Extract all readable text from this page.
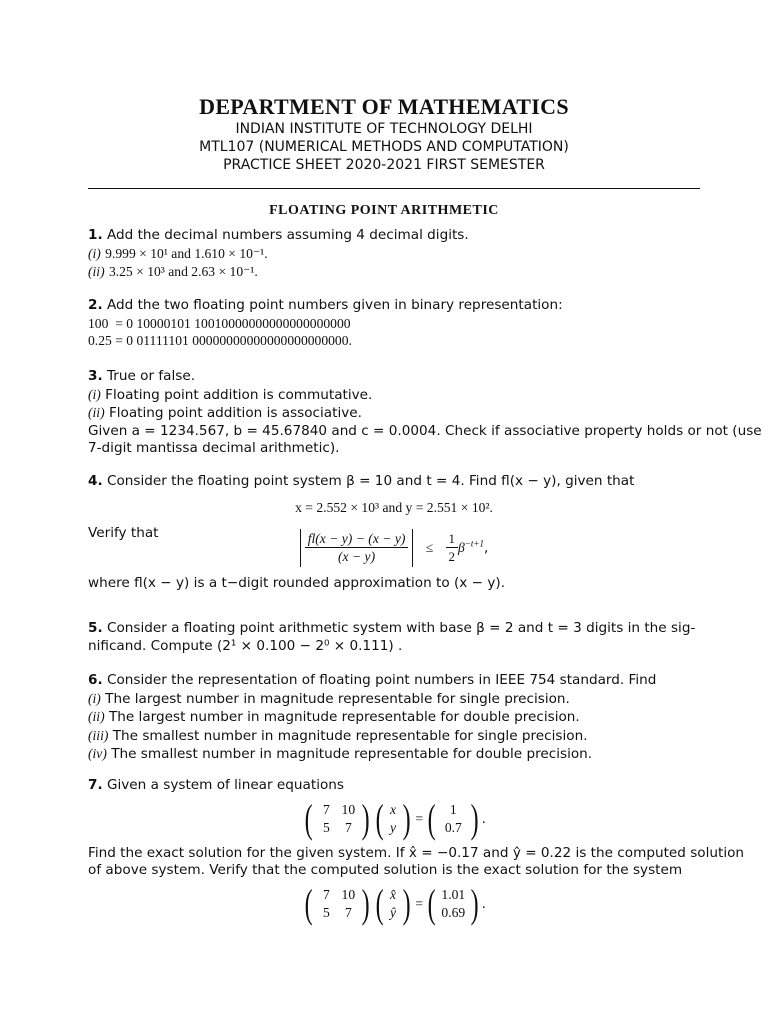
DEPARTMENT OF MATHEMATICS
INDIAN INSTITUTE OF TECHNOLOGY DELHI
MTL107 (NUMERICAL METHODS AND COMPUTATION)
PRACTICE SHEET 2020-2021 FIRST SEMESTER
FLOATING POINT ARITHMETIC
1. Add the decimal numbers assuming 4 decimal digits.
(i) 9.999 × 10¹ and 1.610 × 10⁻¹.
(ii) 3.25 × 10³ and 2.63 × 10⁻¹.
2. Add the two floating point numbers given in binary representation:
100  = 0 10000101 10010000000000000000000
0.25 = 0 01111101 00000000000000000000000.
3. True or false.
(i) Floating point addition is commutative.
(ii) Floating point addition is associative.
Given a = 1234.567, b = 45.67840 and c = 0.0004. Check if associative property holds or not (use
7-digit mantissa decimal arithmetic).
4. Consider the floating point system β = 10 and t = 4. Find fl(x − y), given that
x = 2.552 × 10³ and y = 2.551 × 10².
Verify that	$\frac{fl(x - y) - (x - y)}{(x - y)} \le \frac{1}{2} \beta^{-t+1}$,
where fl(x − y) is a t−digit rounded approximation to (x − y).
5. Consider a floating point arithmetic system with base β = 2 and t = 3 digits in the sig-
nificand. Compute (2¹ × 0.100 − 2⁰ × 0.111) .
6. Consider the representation of floating point numbers in IEEE 754 standard. Find
(i) The largest number in magnitude representable for single precision.
(ii) The largest number in magnitude representable for double precision.
(iii) The smallest number in magnitude representable for single precision.
(iv) The smallest number in magnitude representable for double precision.
7. Given a system of linear equations
( 7 10
5 7 ) ( x
y ) = ( 1
0.7 ) .
Find the exact solution for the given system. If x̂ = −0.17 and ŷ = 0.22 is the computed solution
of above system. Verify that the computed solution is the exact solution for the system
( 7 10
5 7 ) ( x̂
ŷ ) = ( 1.01
0.69 ) .
